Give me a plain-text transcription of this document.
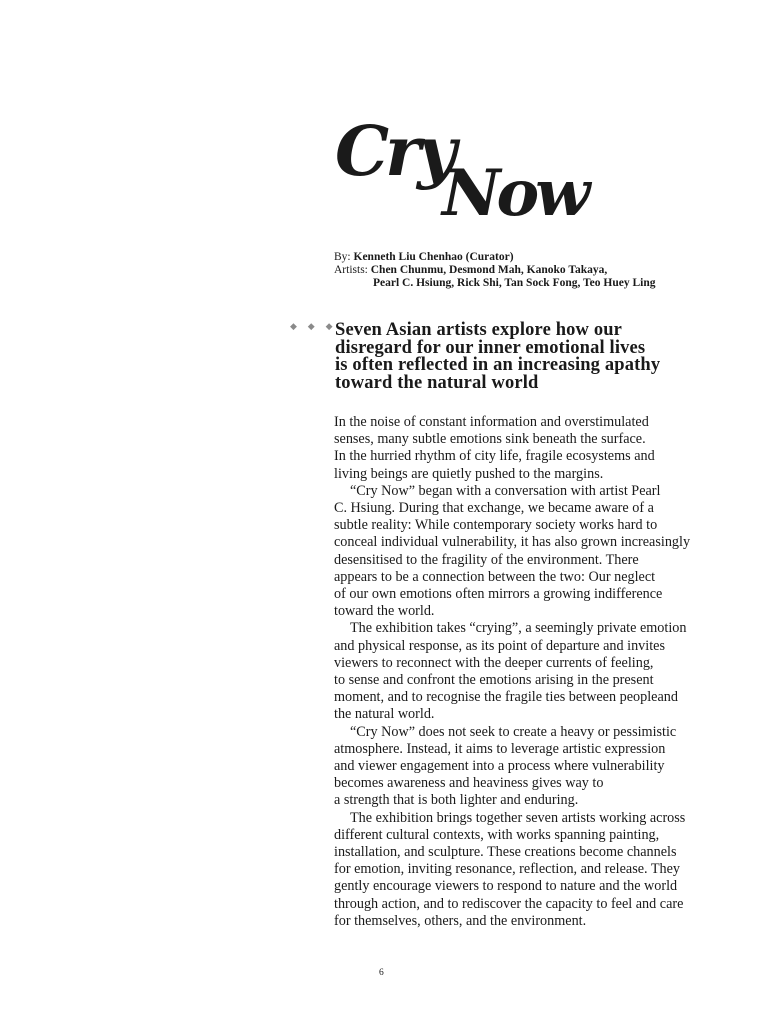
Cry
Now
By: Kenneth Liu Chenhao (Curator)
Artists: Chen Chunmu, Desmond Mah, Kanoko Takaya,
Pearl C. Hsiung, Rick Shi, Tan Sock Fong, Teo Huey Ling
◆ ◆ ◆
Seven Asian artists explore how our
disregard for our inner emotional lives
is often reflected in an increasing apathy
toward the natural world
In the noise of constant information and overstimulated
senses, many subtle emotions sink beneath the surface.
In the hurried rhythm of city life, fragile ecosystems and
living beings are quietly pushed to the margins.
“Cry Now” began with a conversation with artist Pearl
C. Hsiung. During that exchange, we became aware of a
subtle reality: While contemporary society works hard to
conceal individual vulnerability, it has also grown increasingly
desensitised to the fragility of the environment. There
appears to be a connection between the two: Our neglect
of our own emotions often mirrors a growing indifference
toward the world.
The exhibition takes “crying”, a seemingly private emotion
and physical response, as its point of departure and invites
viewers to reconnect with the deeper currents of feeling,
to sense and confront the emotions arising in the present
moment, and to recognise the fragile ties between peopleand
the natural world.
“Cry Now” does not seek to create a heavy or pessimistic
atmosphere. Instead, it aims to leverage artistic expression
and viewer engagement into a process where vulnerability
becomes awareness and heaviness gives way to
a strength that is both lighter and enduring.
The exhibition brings together seven artists working across
different cultural contexts, with works spanning painting,
installation, and sculpture. These creations become channels
for emotion, inviting resonance, reflection, and release. They
gently encourage viewers to respond to nature and the world
through action, and to rediscover the capacity to feel and care
for themselves, others, and the environment.
6
